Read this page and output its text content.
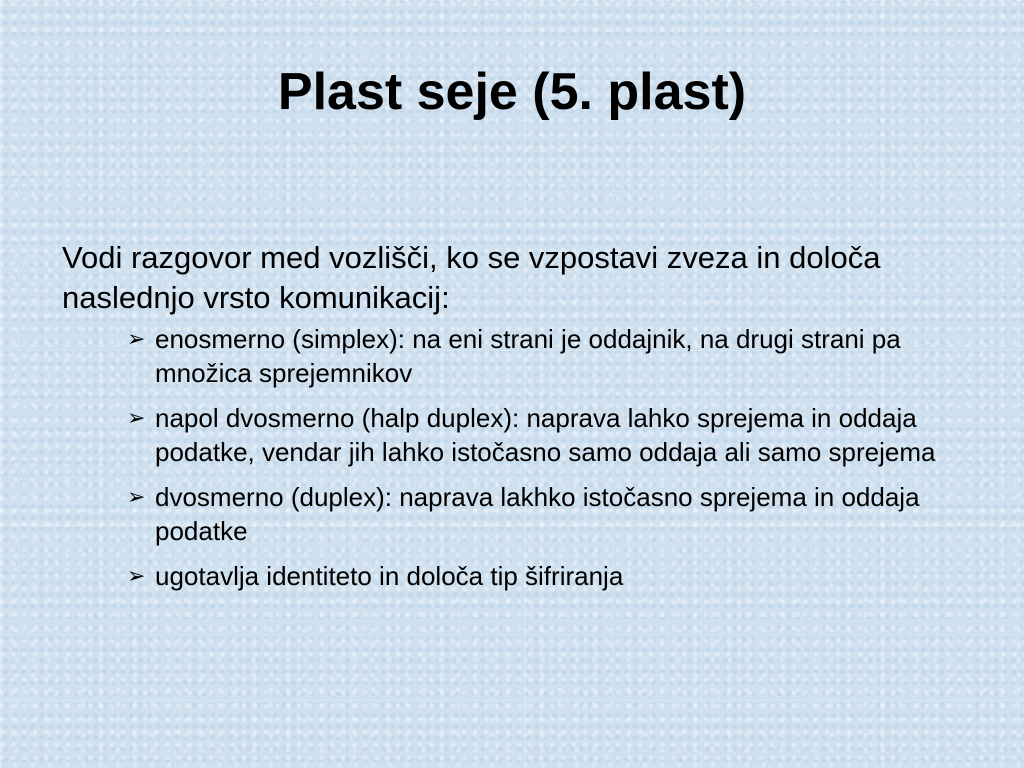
Plast seje (5. plast)
Vodi razgovor med vozlišči, ko se vzpostavi zveza in določa naslednjo vrsto komunikacij:
➢ enosmerno (simplex): na eni strani je oddajnik, na drugi strani pa množica sprejemnikov
➢ napol dvosmerno (halp duplex): naprava lahko sprejema in oddaja podatke, vendar jih lahko istočasno samo oddaja ali samo sprejema
➢ dvosmerno (duplex): naprava lakhko istočasno sprejema in oddaja podatke
➢ ugotavlja identiteto in določa tip šifriranja
